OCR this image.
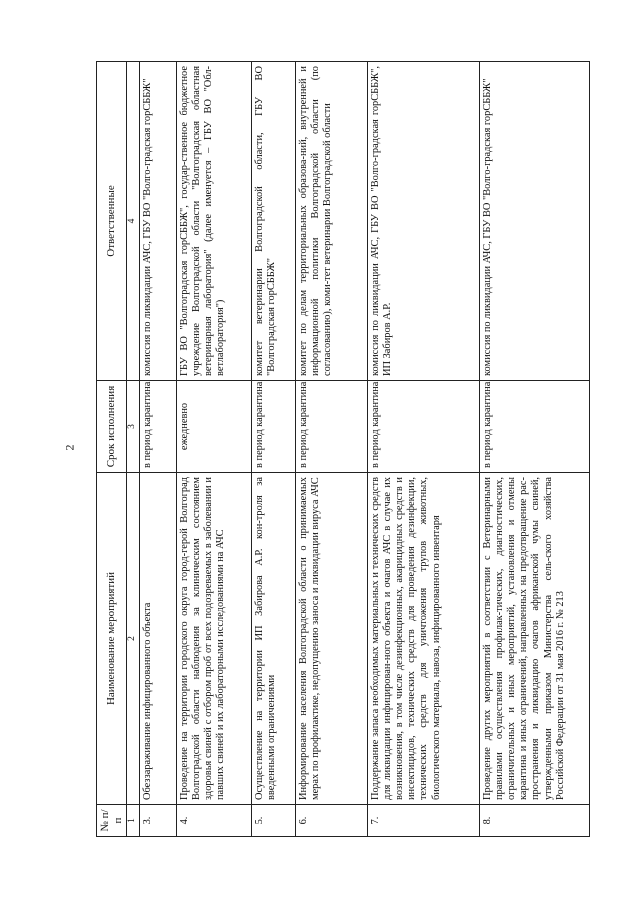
2
№ п/п	Наименование мероприятий	Срок исполнения	Ответственные
1	2	3	4
3.	Обеззараживание инфицированного объекта	в период карантина	комиссия по ликвидации АЧС, ГБУ ВО "Волго-градская горСББЖ"
4.	Проведение на территории городского округа город-герой Волгоград Волгоградской области наблюдения за клиническим состоянием здоровья свиней с отбором проб от всех подозреваемых в заболевании и павших свиней и их лабораторными исследованиями на АЧС	ежедневно	ГБУ ВО "Волгоградская горСББЖ", государ-ственное бюджетное учреждение Волгоградской области "Волгоградская областная ветеринарная лаборатория" (далее именуется – ГБУ ВО "Обл-ветлаборатория")
5.	Осуществление на территории ИП Забирова А.Р. кон-троля за введенными ограничениями	в период карантина	комитет ветеринарии Волгоградской области, ГБУ ВО "Волгоградская горСББЖ"
6.	Информирование населения Волгоградской области о принимаемых мерах по профилактике, недопущению заноса и ликвидации вируса АЧС	в период карантина	комитет по делам территориальных образова-ний, внутренней и информационной политики Волгоградской области (по согласованию), коми-тет ветеринарии Волгоградской области
7.	Поддержание запаса необходимых материальных и технических средств для ликвидации инфицирован-ного объекта и очагов АЧС в случае их возникновения, в том числе дезинфекционных, акарицидных средств и инсектицидов, технических средств для проведения дезинфекции, технических средств для уничтожения трупов животных, биологического материала, навоза, инфицированного инвентаря	в период карантина	комиссия по ликвидации АЧС, ГБУ ВО "Волго-градская горСББЖ", ИП Забиров А.Р.
8.	Проведение других мероприятий в соответствии с Ветеринарными правилами осуществления профилак-тических, диагностических, ограничительных и иных мероприятий, установления и отмены карантина и иных ограничений, направленных на предотвращение рас-пространения и ликвидацию очагов африканской чумы свиней, утвержденными приказом Министерства сель-ского хозяйства Российской Федерации от 31 мая 2016 г. № 213	в период карантина	комиссия по ликвидации АЧС, ГБУ ВО "Волго-градская горСББЖ"
